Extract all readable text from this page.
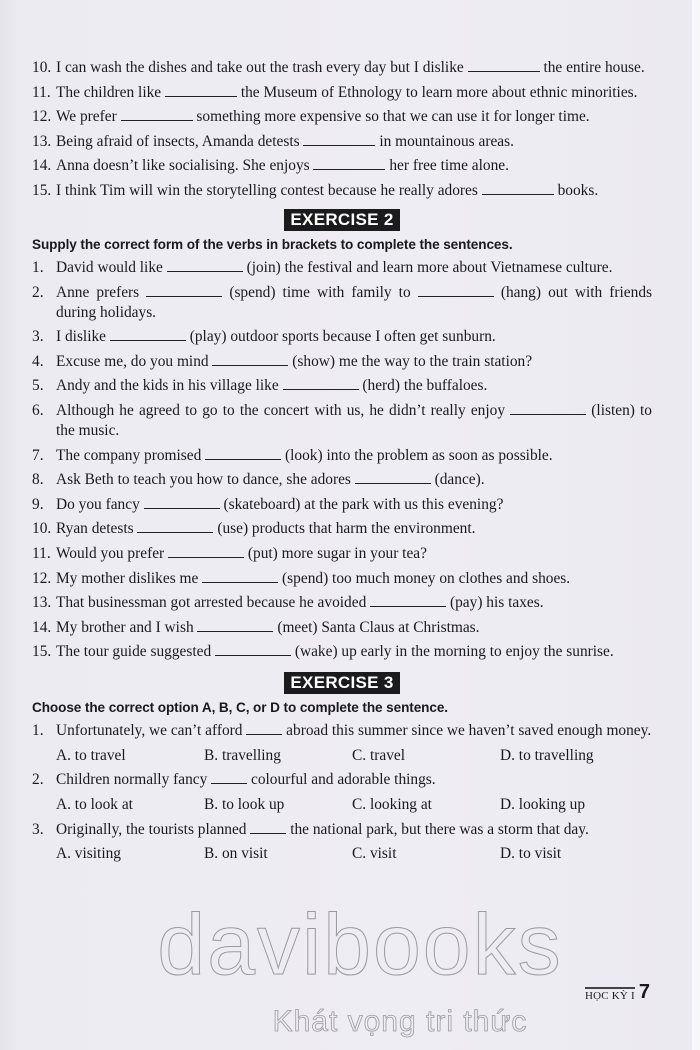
10. I can wash the dishes and take out the trash every day but I dislike	the entire house.
11. The children like	the Museum of Ethnology to learn more about ethnic minorities.
12. We prefer	something more expensive so that we can use it for longer time.
13. Being afraid of insects, Amanda detests	in mountainous areas.
14. Anna doesn’t like socialising. She enjoys	her free time alone.
15. I think Tim will win the storytelling contest because he really adores	books.
EXERCISE 2
Supply the correct form of the verbs in brackets to complete the sentences.
1. David would like	(join) the festival and learn more about Vietnamese culture.
2. Anne prefers	(spend) time with family to	(hang) out with friends during holidays.
3. I dislike	(play) outdoor sports because I often get sunburn.
4. Excuse me, do you mind	(show) me the way to the train station?
5. Andy and the kids in his village like	(herd) the buffaloes.
6. Although he agreed to go to the concert with us, he didn’t really enjoy	(listen) to the music.
7. The company promised	(look) into the problem as soon as possible.
8. Ask Beth to teach you how to dance, she adores	(dance).
9. Do you fancy	(skateboard) at the park with us this evening?
10. Ryan detests	(use) products that harm the environment.
11. Would you prefer	(put) more sugar in your tea?
12. My mother dislikes me	(spend) too much money on clothes and shoes.
13. That businessman got arrested because he avoided	(pay) his taxes.
14. My brother and I wish	(meet) Santa Claus at Christmas.
15. The tour guide suggested	(wake) up early in the morning to enjoy the sunrise.
EXERCISE 3
Choose the correct option A, B, C, or D to complete the sentence.
1. Unfortunately, we can’t afford  abroad this summer since we haven’t saved enough money.
A. to travel	B. travelling	C. travel	D. to travelling
2. Children normally fancy  colourful and adorable things.
A. to look at	B. to look up	C. looking at	D. looking up
3. Originally, the tourists planned  the national park, but there was a storm that day.
A. visiting	B. on visit	C. visit	D. to visit
davibooks
Khát vọng tri thức
HỌC KỲ I 7
